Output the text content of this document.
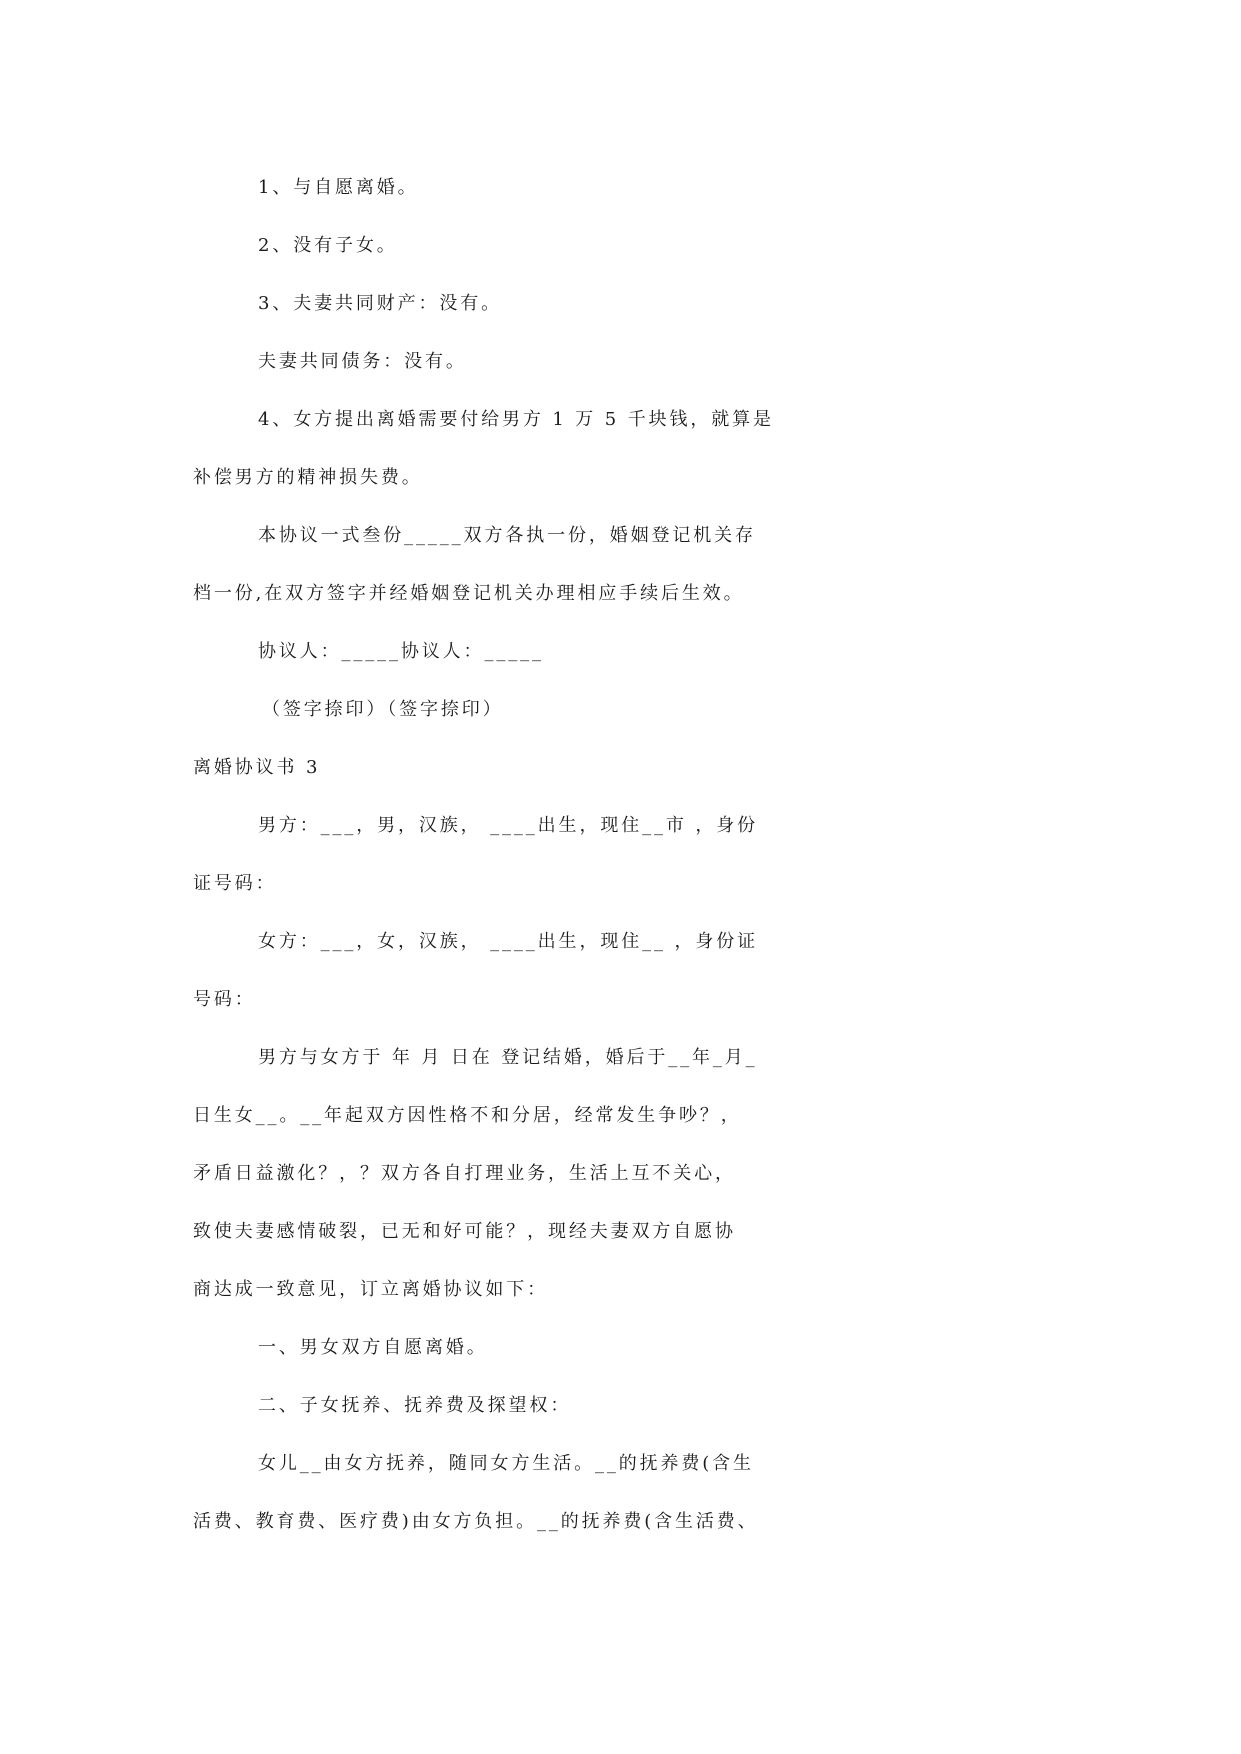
1、与自愿离婚。
2、没有子女。
3、夫妻共同财产：没有。
夫妻共同债务：没有。
4、女方提出离婚需要付给男方 1 万 5 千块钱，就算是
补偿男方的精神损失费。
本协议一式叁份_____双方各执一份，婚姻登记机关存
档一份,在双方签字并经婚姻登记机关办理相应手续后生效。
协议人：_____协议人：_____
（签字捺印）（签字捺印）
离婚协议书 3
男方：___，男，汉族， ____出生，现住__市 ，身份
证号码：
女方：___，女，汉族， ____出生，现住__ ，身份证
号码：
男方与女方于 年 月 日在 登记结婚，婚后于__年_月_
日生女__。__年起双方因性格不和分居，经常发生争吵？，
矛盾日益激化？，？双方各自打理业务，生活上互不关心，
致使夫妻感情破裂，已无和好可能？，现经夫妻双方自愿协
商达成一致意见，订立离婚协议如下：
一、男女双方自愿离婚。
二、子女抚养、抚养费及探望权：
女儿__由女方抚养，随同女方生活。__的抚养费(含生
活费、教育费、医疗费)由女方负担。__的抚养费(含生活费、
